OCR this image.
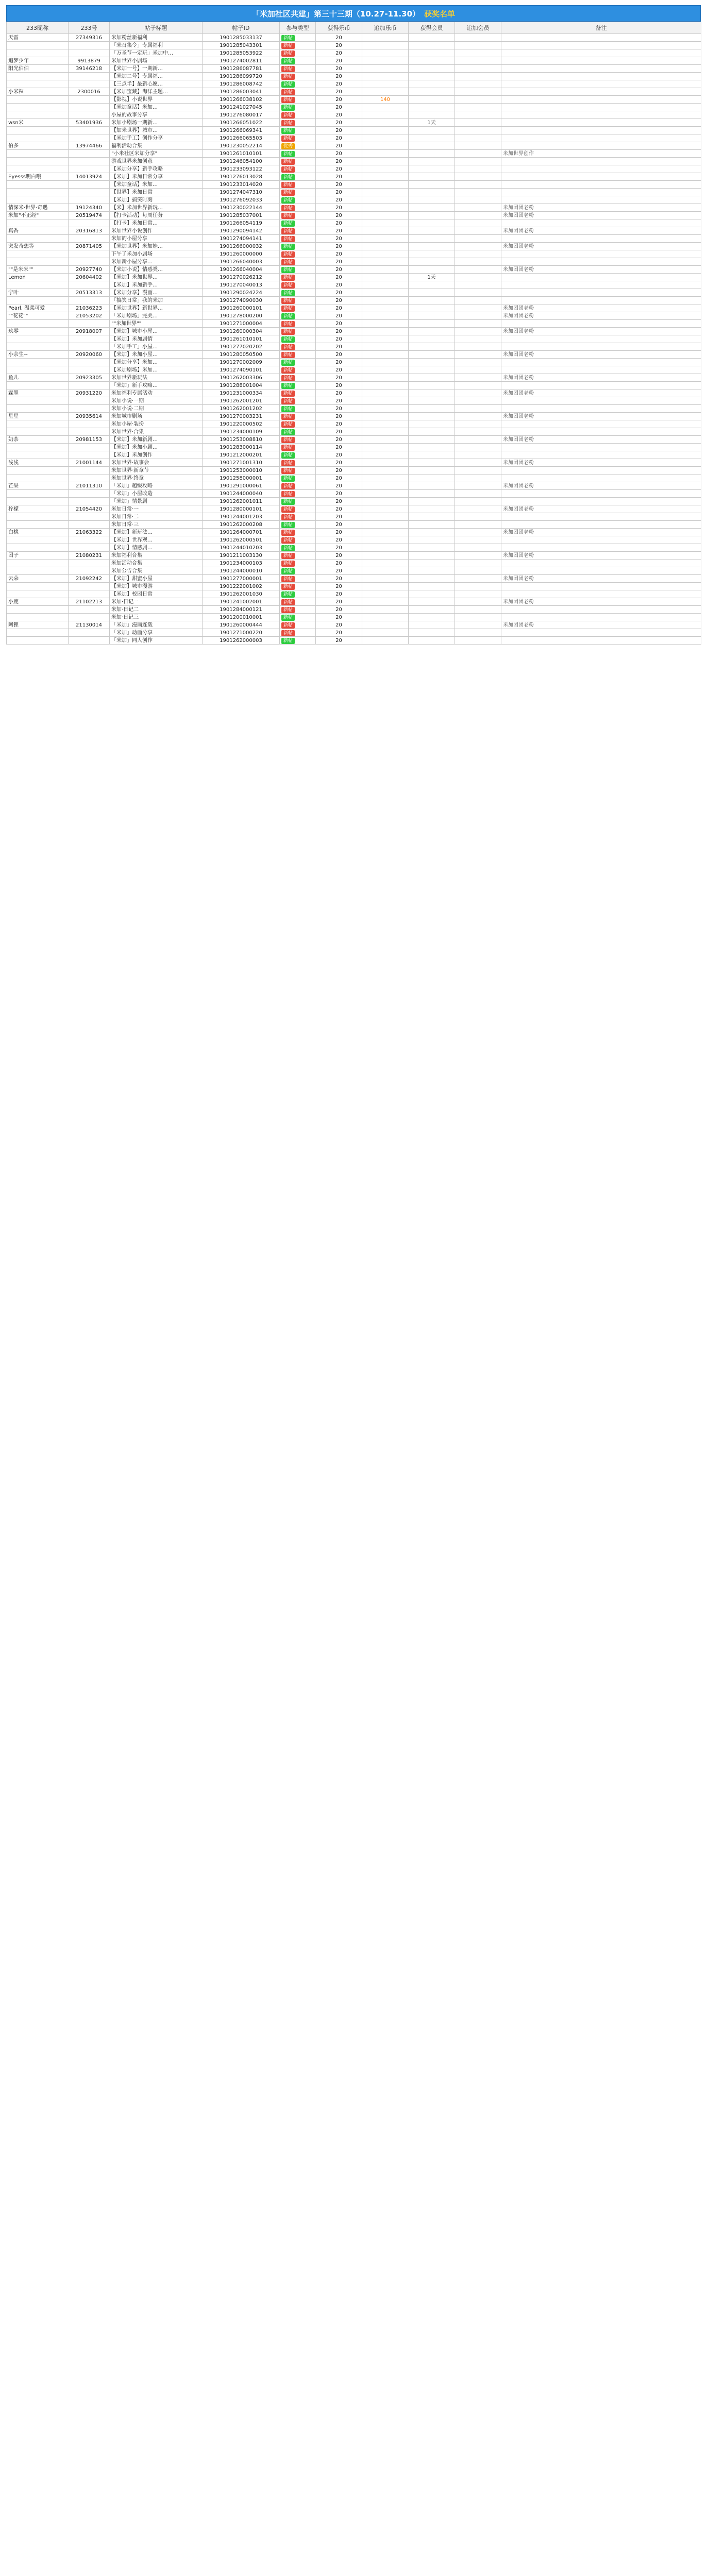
「米加社区共建」第三十三期（10.27-11.30） 获奖名单
233昵称	233号	帖子标题	帖子ID	参与类型	获得乐币	追加乐币	获得会员	追加会员	备注
天雷	27349316	米加粉丝新福利	1901285033137	新帖	20				
		「米召集令」专属福利	1901285043301	新帖	20				
		「万圣节一定玩」米加中…	1901285053922	新帖	20				
追梦少年	9913879	米加世界小剧场	1901274002811	新帖	20				
阳光伯伯	39146218	【米加一号】一期新…	1901286087781	新帖	20				
		【米加二号】专属福…	1901286099720	新帖	20				
		【三点半】最新心愿…	1901286008742	新帖	20				
小米粒	2300016	【米加宝藏】海洋主题…	1901286003041	新帖	20				
		【影视】小说世界	1901266038102	新帖	20	140			
		【米加童话】米加…	1901241027045	新帖	20				
		小屋的故事分享	1901276080017	新帖	20				
wsn米	53401936	米加小剧场一期新…	1901266051022	新帖	20		1天		
		【加米世界】城市…	1901266069341	新帖	20				
		【米加手工】创作分享	1901266065503	新帖	20				
伯多	13974466	福利活动合集	1901230052214	优秀	20				
		"小米社区米加分享"	1901261010101	新帖	20				米加世界创作
		游戏世界米加创意	1901246054100	新帖	20				
		【米加分享】新手攻略	1901233093122	新帖	20				
Eyesss明白哦	14013924	【米加】米加日常分享	1901276013028	新帖	20				
		【米加童话】米加…	1901233014020	新帖	20				
		【世界】米加日常	1901274047310	新帖	20				
		【米加】搞笑时刻	1901276092033	新帖	20				
情深米·世界·奇遇	19124340	【米】米加世界新玩…	1901230022144	新帖	20				米加团团老粉
米加"不正经"	20519474	【打卡活动】每周任务	1901285037001	新帖	20				米加团团老粉
		【打卡】米加日常…	1901266054119	新帖	20				
真香	20316813	米加世界小说创作	1901290094142	新帖	20				米加团团老粉
		米加的小屋分享	1901274094141	新帖	20				
突发奇想等	20871405	【米加世界】米加娃…	1901266000032	新帖	20				米加团团老粉
		下午了米加小剧场	1901260000000	新帖	20				
		米加新小屋分享…	1901266040003	新帖	20				
""是米米""	20927740	【米加小说】情感类…	1901266040004	新帖	20				米加团团老粉
Lemon	20604402	【米加】米加世界…	1901270026212	新帖	20		1天		
		【米加】米加新手…	1901270040013	新帖	20				
宁叶	20513313	【米加分享】漫画…	1901290024224	新帖	20				
		「搞笑日常」我的米加	1901274090030	新帖	20				
Pearl. 温柔可爱	21036223	【米加世界】新世界…	1901260000101	新帖	20				米加团团老粉
""花花""	21053202	「米加剧场」完美…	1901278000200	新帖	20				米加团团老粉
		""米加世界""	1901271000004	新帖	20				
玖零	20918007	【米加】城市小屋…	1901260000304	新帖	20				米加团团老粉
		【米加】米加剧情	1901261010101	新帖	20				
		「米加手工」小屋…	1901277020202	新帖	20				
小余生~	20920060	【米加】米加小屋…	1901280050500	新帖	20				米加团团老粉
		【米加分享】米加…	1901270002009	新帖	20				
		【米加剧场】米加…	1901274090101	新帖	20				
鱼儿	20923305	米加世界新玩法	1901262003306	新帖	20				米加团团老粉
		「米加」新手攻略…	1901288001004	新帖	20				
霖墨	20931220	米加福利专属活动	1901231000334	新帖	20				米加团团老粉
		米加小说·一期	1901262001201	新帖	20				
		米加小说·二期	1901262001202	新帖	20				
星星	20935614	米加城市剧场	1901270003231	新帖	20				米加团团老粉
		米加小屋·装扮	1901220000502	新帖	20				
		米加世界·合集	1901234000109	新帖	20				
奶茶	20981153	【米加】米加新剧…	1901253008810	新帖	20				米加团团老粉
		【米加】米加小剧…	1901283000114	新帖	20				
		【米加】米加创作	1901212000201	新帖	20				
浅浅	21001144	米加世界·故事会	1901271001310	新帖	20				米加团团老粉
		米加世界·新章节	1901253000010	新帖	20				
		米加世界·终章	1901258000001	新帖	20				
芒果	21011310	「米加」超级攻略	1901291000061	新帖	20				米加团团老粉
		「米加」小屋改造	1901244000040	新帖	20				
		「米加」情景剧	1901262001011	新帖	20				
柠檬	21054420	米加日常·一	1901280000101	新帖	20				米加团团老粉
		米加日常·二	1901244001203	新帖	20				
		米加日常·三	1901262000208	新帖	20				
白桃	21063322	【米加】新玩法…	1901264000701	新帖	20				米加团团老粉
		【米加】世界观…	1901262000501	新帖	20				
		【米加】情感剧…	1901244010203	新帖	20				
团子	21080231	米加福利合集	1901211003130	新帖	20				米加团团老粉
		米加活动合集	1901234000103	新帖	20				
		米加公告合集	1901244000010	新帖	20				
云朵	21092242	【米加】甜蜜小屋	1901277000001	新帖	20				米加团团老粉
		【米加】城市漫游	1901222001002	新帖	20				
		【米加】校园日常	1901262001030	新帖	20				
小鹿	21102213	米加·日记一	1901241002001	新帖	20				米加团团老粉
		米加·日记二	1901284000121	新帖	20				
		米加·日记三	1901200010001	新帖	20				
阿狸	21130014	「米加」漫画连载	1901260000444	新帖	20				米加团团老粉
		「米加」动画分享	1901271000220	新帖	20				
		「米加」同人创作	1901262000003	新帖	20				
